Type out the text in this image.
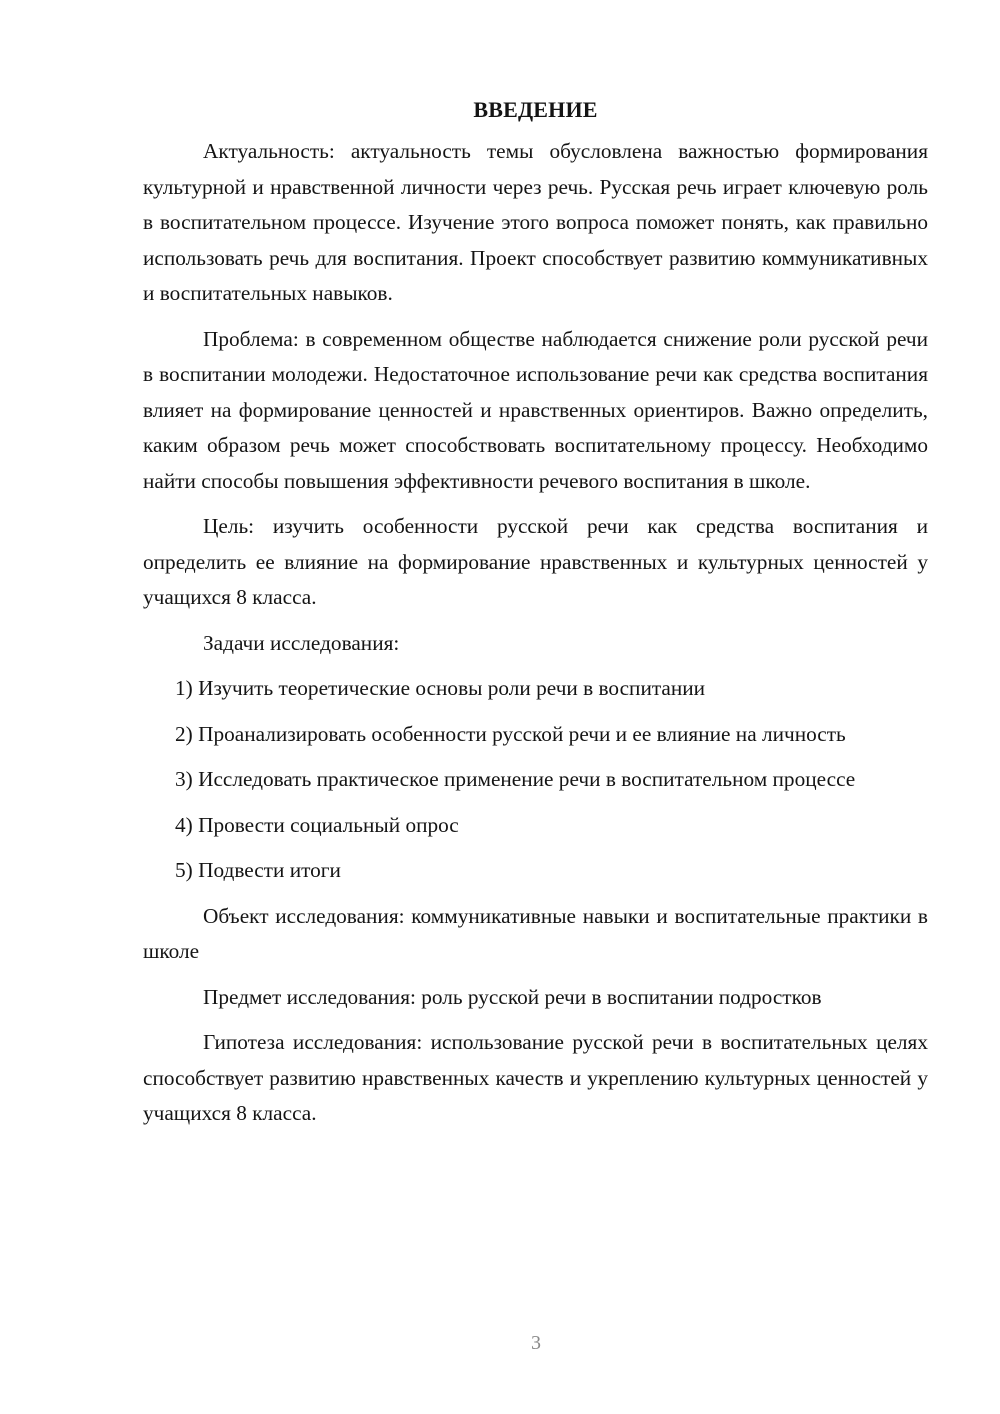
ВВЕДЕНИЕ

Актуальность: актуальность темы обусловлена важностью формирования культурной и нравственной личности через речь. Русская речь играет ключевую роль в воспитательном процессе. Изучение этого вопроса поможет понять, как правильно использовать речь для воспитания. Проект способствует развитию коммуникативных и воспитательных навыков.

Проблема: в современном обществе наблюдается снижение роли русской речи в воспитании молодежи. Недостаточное использование речи как средства воспитания влияет на формирование ценностей и нравственных ориентиров. Важно определить, каким образом речь может способствовать воспитательному процессу. Необходимо найти способы повышения эффективности речевого воспитания в школе.

Цель: изучить особенности русской речи как средства воспитания и определить ее влияние на формирование нравственных и культурных ценностей у учащихся 8 класса.

Задачи исследования:

1) Изучить теоретические основы роли речи в воспитании

2) Проанализировать особенности русской речи и ее влияние на личность

3) Исследовать практическое применение речи в воспитательном процессе

4) Провести социальный опрос

5) Подвести итоги

Объект исследования: коммуникативные навыки и воспитательные практики в школе

Предмет исследования: роль русской речи в воспитании подростков

Гипотеза исследования: использование русской речи в воспитательных целях способствует развитию нравственных качеств и укреплению культурных ценностей у учащихся 8 класса.

3
